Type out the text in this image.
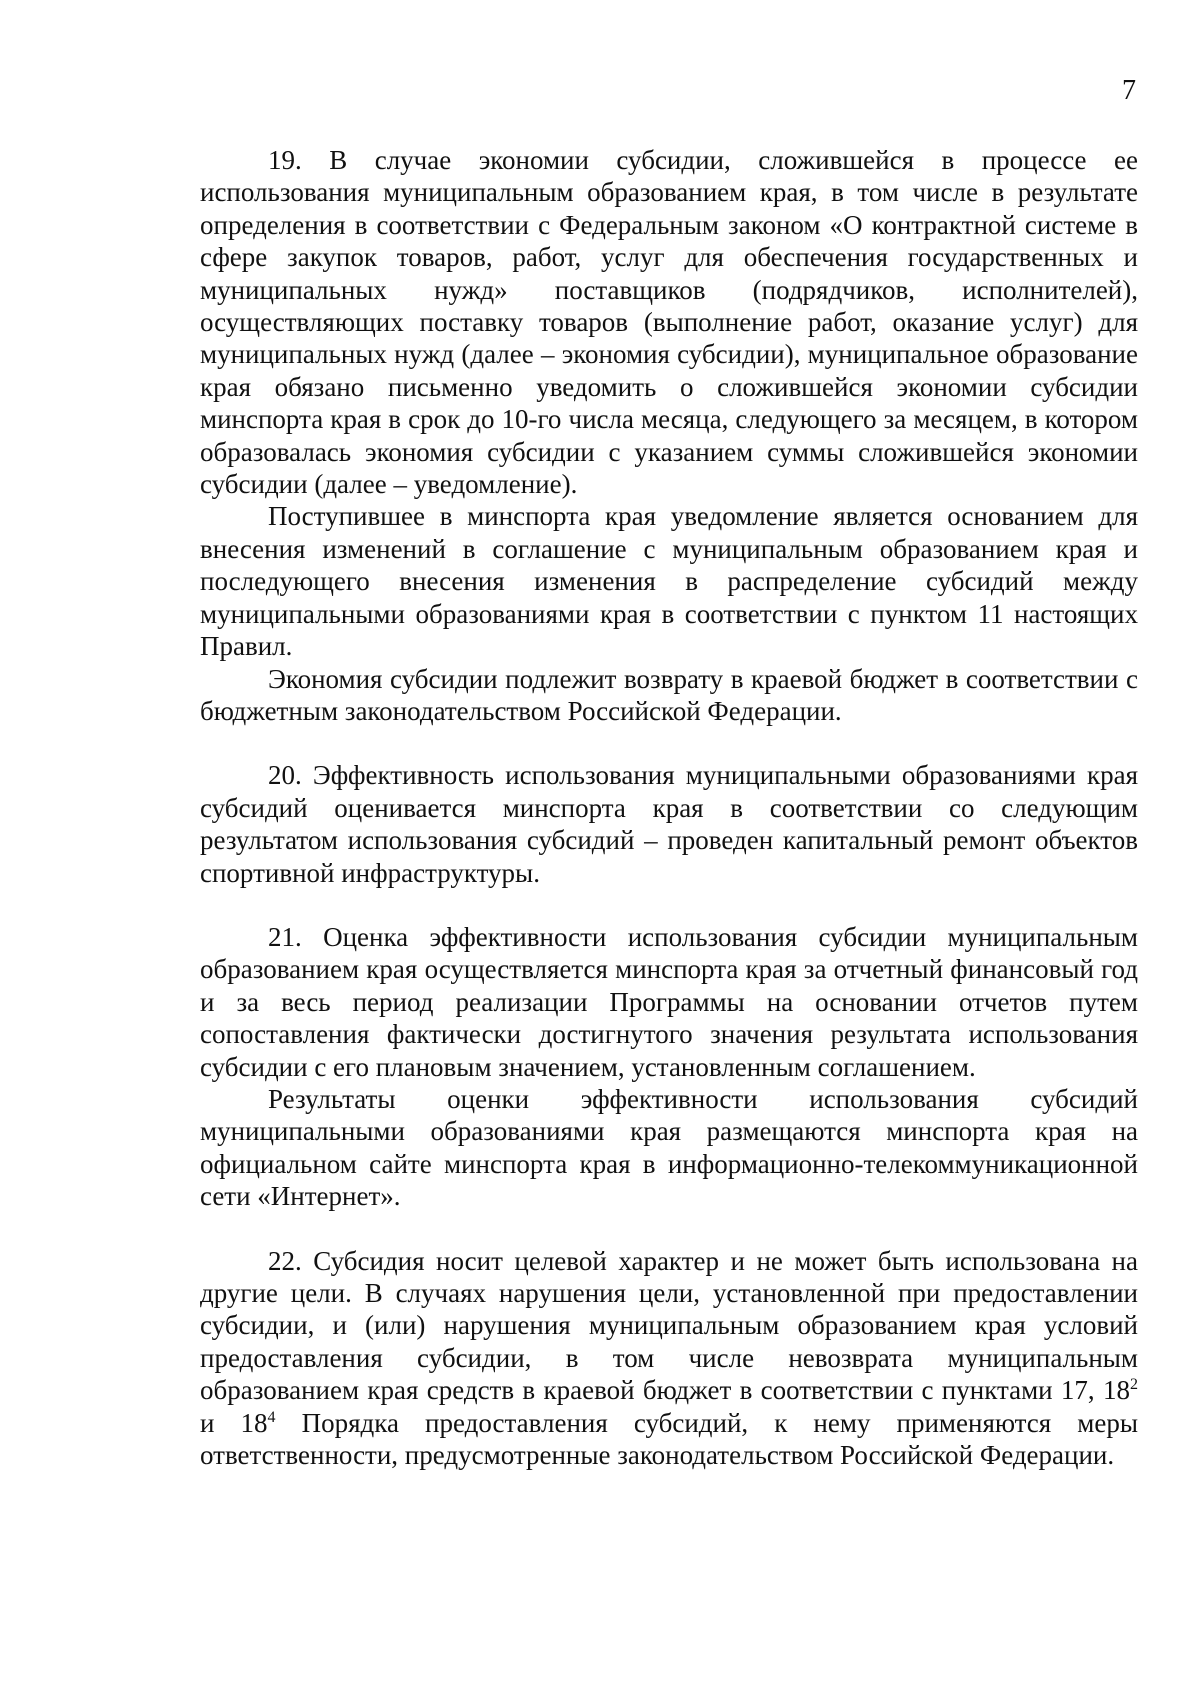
7

19. В случае экономии субсидии, сложившейся в процессе ее использования муниципальным образованием края, в том числе в результате определения в соответствии с Федеральным законом «О контрактной системе в сфере закупок товаров, работ, услуг для обеспечения государственных и муниципальных нужд» поставщиков (подрядчиков, исполнителей), осуществляющих поставку товаров (выполнение работ, оказание услуг) для муниципальных нужд (далее – экономия субсидии), муниципальное образование края обязано письменно уведомить о сложившейся экономии субсидии минспорта края в срок до 10-го числа месяца, следующего за месяцем, в котором образовалась экономия субсидии с указанием суммы сложившейся экономии субсидии (далее – уведомление).

Поступившее в минспорта края уведомление является основанием для внесения изменений в соглашение с муниципальным образованием края и последующего внесения изменения в распределение субсидий между муниципальными образованиями края в соответствии с пунктом 11 настоящих Правил.

Экономия субсидии подлежит возврату в краевой бюджет в соответствии с бюджетным законодательством Российской Федерации.

20. Эффективность использования муниципальными образованиями края субсидий оценивается минспорта края в соответствии со следующим результатом использования субсидий – проведен капитальный ремонт объектов спортивной инфраструктуры.

21. Оценка эффективности использования субсидии муниципальным образованием края осуществляется минспорта края за отчетный финансовый год и за весь период реализации Программы на основании отчетов путем сопоставления фактически достигнутого значения результата использования субсидии с его плановым значением, установленным соглашением.

Результаты оценки эффективности использования субсидий муниципальными образованиями края размещаются минспорта края на официальном сайте минспорта края в информационно-телекоммуникационной сети «Интернет».

22. Субсидия носит целевой характер и не может быть использована на другие цели. В случаях нарушения цели, установленной при предоставлении субсидии, и (или) нарушения муниципальным образованием края условий предоставления субсидии, в том числе невозврата муниципальным образованием края средств в краевой бюджет в соответствии с пунктами 17, $18^2$ и $18^4$ Порядка предоставления субсидий, к нему применяются меры ответственности, предусмотренные законодательством Российской Федерации.
